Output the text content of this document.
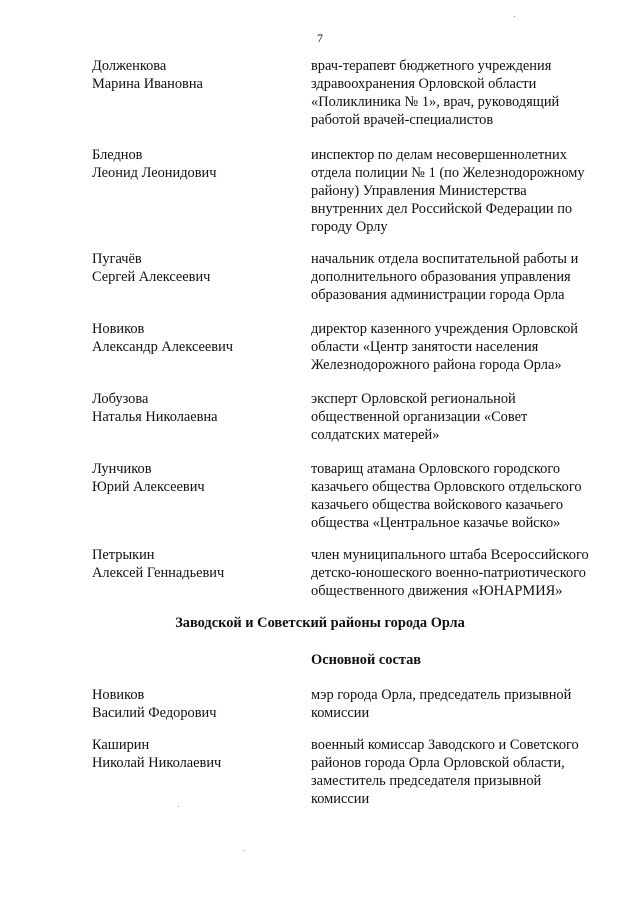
7
Долженкова
Марина Ивановна
врач-терапевт бюджетного учреждения
здравоохранения Орловской области
«Поликлиника № 1», врач, руководящий
работой врачей-специалистов
Бледнов
Леонид Леонидович
инспектор по делам несовершеннолетних
отдела полиции № 1 (по Железнодорожному
району) Управления Министерства
внутренних дел Российской Федерации по
городу Орлу
Пугачёв
Сергей Алексеевич
начальник отдела воспитательной работы и
дополнительного образования управления
образования администрации города Орла
Новиков
Александр Алексеевич
директор казенного учреждения Орловской
области «Центр занятости населения
Железнодорожного района города Орла»
Лобузова
Наталья Николаевна
эксперт Орловской региональной
общественной организации «Совет
солдатских матерей»
Лунчиков
Юрий Алексеевич
товарищ атамана Орловского городского
казачьего общества Орловского отдельского
казачьего общества войскового казачьего
общества «Центральное казачье войско»
Петрыкин
Алексей Геннадьевич
член муниципального штаба Всероссийского
детско-юношеского военно-патриотического
общественного движения «ЮНАРМИЯ»
Заводской и Советский районы города Орла
Основной состав
Новиков
Василий Федорович
мэр города Орла, председатель призывной
комиссии
Каширин
Николай Николаевич
военный комиссар Заводского и Советского
районов города Орла Орловской области,
заместитель председателя призывной
комиссии
